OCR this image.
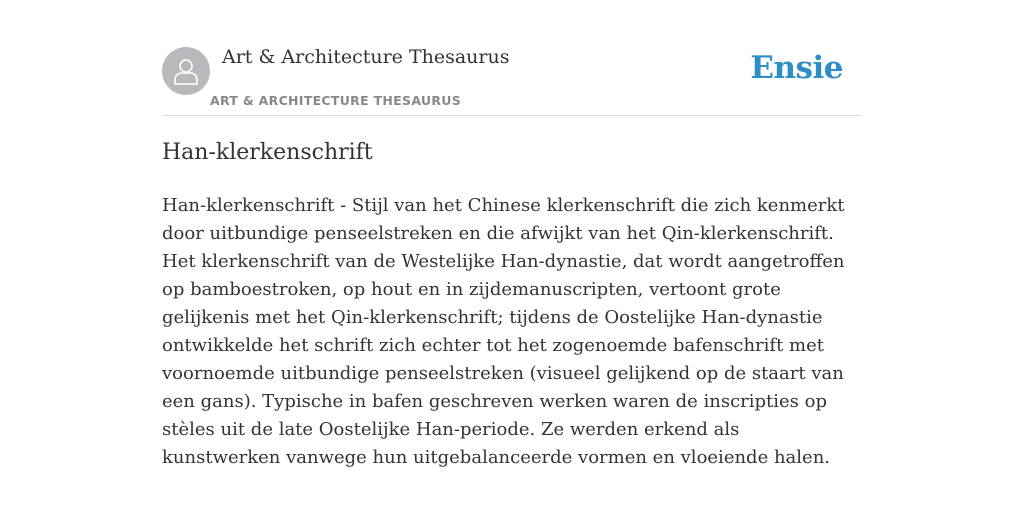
Art & Architecture Thesaurus
ART & ARCHITECTURE THESAURUS
Ensie
Han-klerkenschrift

Han-klerkenschrift - Stijl van het Chinese klerkenschrift die zich kenmerkt door uitbundige penseelstreken en die afwijkt van het Qin-klerkenschrift. Het klerkenschrift van de Westelijke Han-dynastie, dat wordt aangetroffen op bamboestroken, op hout en in zijdemanuscripten, vertoont grote gelijkenis met het Qin-klerkenschrift; tijdens de Oostelijke Han-dynastie ontwikkelde het schrift zich echter tot het zogenoemde bafenschrift met voornoemde uitbundige penseelstreken (visueel gelijkend op de staart van een gans). Typische in bafen geschreven werken waren de inscripties op stèles uit de late Oostelijke Han-periode. Ze werden erkend als kunstwerken vanwege hun uitgebalanceerde vormen en vloeiende halen.
